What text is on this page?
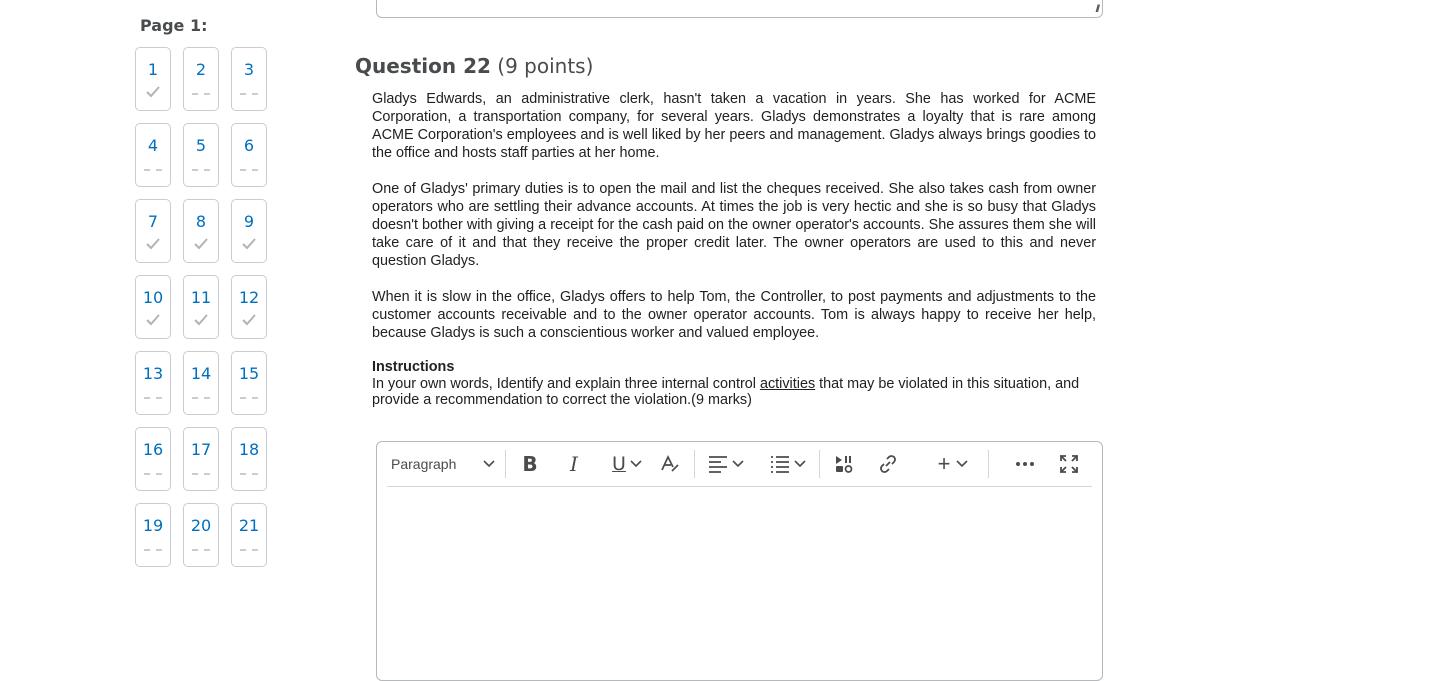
Page 1:
1	2	3
4	5	6
7	8	9
10	11	12
13	14	15
16	17	18
19	20	21
///
Question 22 (9 points)

Gladys Edwards, an administrative clerk, hasn't taken a vacation in years. She has worked for ACME Corporation, a transportation company, for several years. Gladys demonstrates a loyalty that is rare among ACME Corporation's employees and is well liked by her peers and management. Gladys always brings goodies to the office and hosts staff parties at her home.

One of Gladys' primary duties is to open the mail and list the cheques received. She also takes cash from owner operators who are settling their advance accounts. At times the job is very hectic and she is so busy that Gladys doesn't bother with giving a receipt for the cash paid on the owner operator's accounts. She assures them she will take care of it and that they receive the proper credit later. The owner operators are used to this and never question Gladys.

When it is slow in the office, Gladys offers to help Tom, the Controller, to post payments and adjustments to the customer accounts receivable and to the owner operator accounts. Tom is always happy to receive her help, because Gladys is such a conscientious worker and valued employee.

Instructions
In your own words, Identify and explain three internal control activities that may be violated in this situation, and provide a recommendation to correct the violation.(9 marks)
Paragraph	B I U	+
